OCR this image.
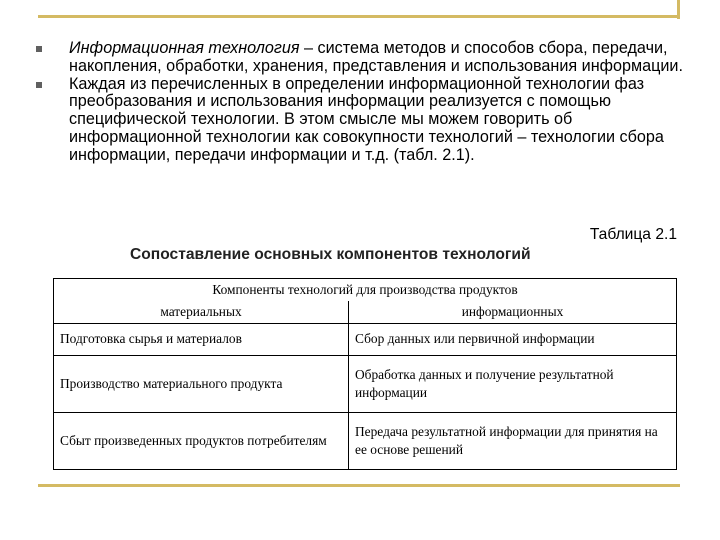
Информационная технология – система методов и способов сбора, передачи, накопления, обработки, хранения, представления и использования информации.
Каждая из перечисленных в определении информационной технологии фаз преобразования и использования информации реализуется с помощью специфической технологии. В этом смысле мы можем говорить об информационной технологии как совокупности технологий – технологии сбора информации, передачи информации и т.д. (табл. 2.1).
Таблица 2.1
Сопоставление основных компонентов технологий
Компоненты технологий для производства продуктов	
материальных	информационных
Подготовка сырья и материалов	Сбор данных или первичной информации
Производство материального продукта	Обработка данных и получение результатной информации
Сбыт произведенных продуктов потребителям	Передача результатной информации для принятия на ее основе решений
